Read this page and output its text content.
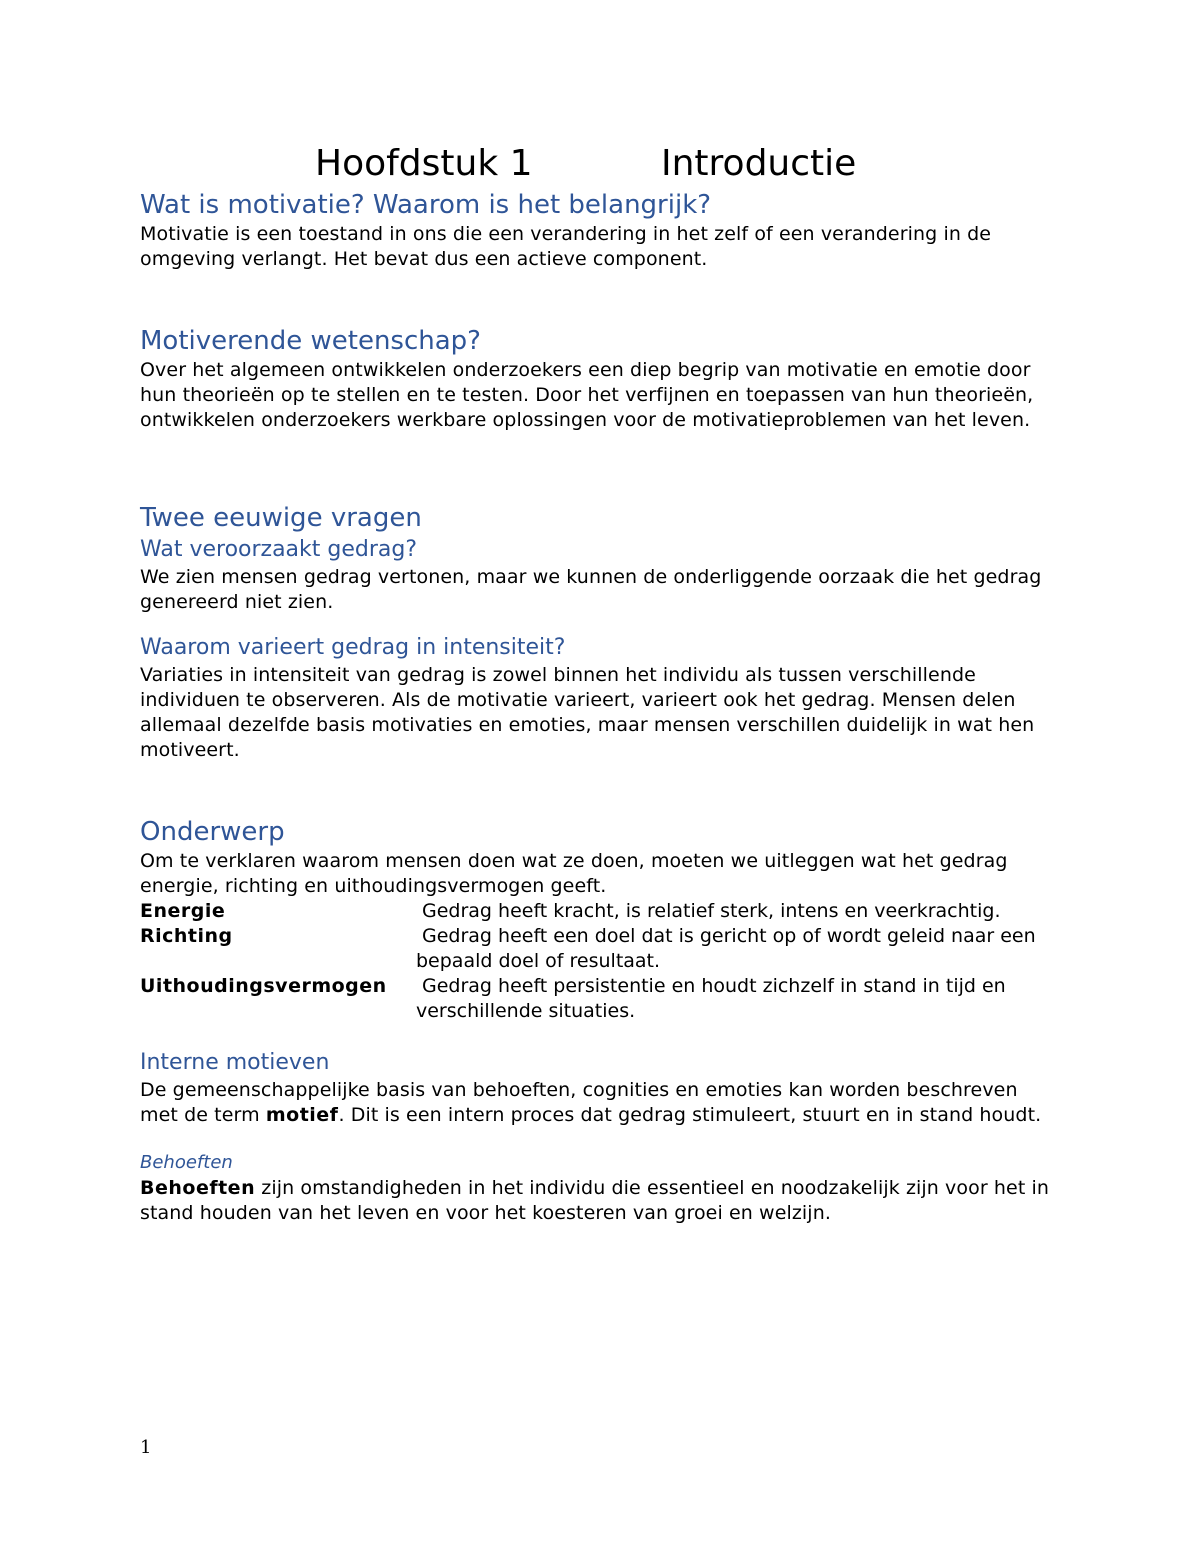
Hoofdstuk 1	Introductie
Wat is motivatie? Waarom is het belangrijk?

Motivatie is een toestand in ons die een verandering in het zelf of een verandering in de omgeving verlangt. Het bevat dus een actieve component.

Motiverende wetenschap?

Over het algemeen ontwikkelen onderzoekers een diep begrip van motivatie en emotie door hun theorieën op te stellen en te testen. Door het verfijnen en toepassen van hun theorieën, ontwikkelen onderzoekers werkbare oplossingen voor de motivatieproblemen van het leven.

Twee eeuwige vragen
Wat veroorzaakt gedrag?

We zien mensen gedrag vertonen, maar we kunnen de onderliggende oorzaak die het gedrag genereerd niet zien.

Waarom varieert gedrag in intensiteit?

Variaties in intensiteit van gedrag is zowel binnen het individu als tussen verschillende individuen te observeren. Als de motivatie varieert, varieert ook het gedrag. Mensen delen allemaal dezelfde basis motivaties en emoties, maar mensen verschillen duidelijk in wat hen motiveert.

Onderwerp

Om te verklaren waarom mensen doen wat ze doen, moeten we uitleggen wat het gedrag energie, richting en uithoudingsvermogen geeft.

Energie	Gedrag heeft kracht, is relatief sterk, intens en veerkrachtig.
Richting	Gedrag heeft een doel dat is gericht op of wordt geleid naar een bepaald doel of resultaat.
Uithoudingsvermogen	Gedrag heeft persistentie en houdt zichzelf in stand in tijd en verschillende situaties.
Interne motieven

De gemeenschappelijke basis van behoeften, cognities en emoties kan worden beschreven met de term motief. Dit is een intern proces dat gedrag stimuleert, stuurt en in stand houdt.

Behoeften

Behoeften zijn omstandigheden in het individu die essentieel en noodzakelijk zijn voor het in stand houden van het leven en voor het koesteren van groei en welzijn.

1
